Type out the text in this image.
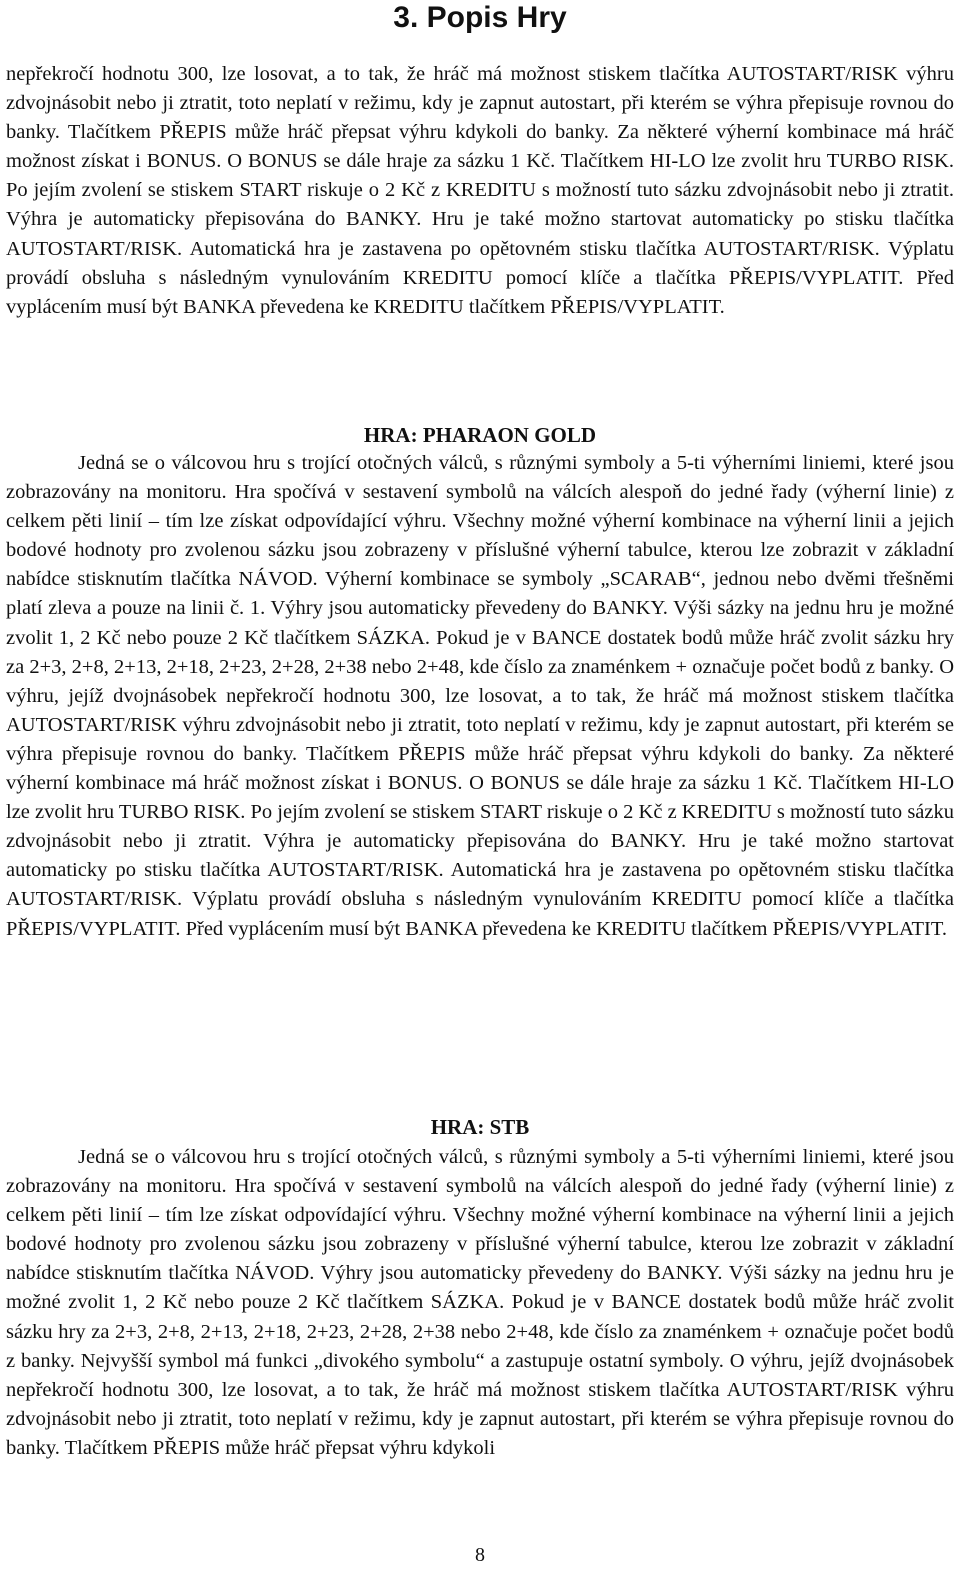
3. Popis Hry

nepřekročí hodnotu 300, lze losovat, a to tak, že hráč má možnost stiskem tlačítka AUTOSTART/RISK výhru zdvojnásobit nebo ji ztratit, toto neplatí v režimu, kdy je zapnut autostart, při kterém se výhra přepisuje rovnou do banky. Tlačítkem PŘEPIS může hráč přepsat výhru kdykoli do banky. Za některé výherní kombinace má hráč možnost získat i BONUS. O BONUS se dále hraje za sázku 1 Kč. Tlačítkem HI-LO lze zvolit hru TURBO RISK. Po jejím zvolení se stiskem START riskuje o 2 Kč z KREDITU s možností tuto sázku zdvojnásobit nebo ji ztratit. Výhra je automaticky přepisována do BANKY. Hru je také možno startovat automaticky po stisku tlačítka AUTOSTART/RISK. Automatická hra je zastavena po opětovném stisku tlačítka AUTOSTART/RISK. Výplatu provádí obsluha s následným vynulováním KREDITU pomocí klíče a tlačítka PŘEPIS/VYPLATIT. Před vyplácením musí být BANKA převedena ke KREDITU tlačítkem PŘEPIS/VYPLATIT.

HRA: PHARAON GOLD

Jedná se o válcovou hru s trojící otočných válců, s různými symboly a 5-ti výherními liniemi, které jsou zobrazovány na monitoru. Hra spočívá v sestavení symbolů na válcích alespoň do jedné řady (výherní linie) z celkem pěti linií – tím lze získat odpovídající výhru. Všechny možné výherní kombinace na výherní linii a jejich bodové hodnoty pro zvolenou sázku jsou zobrazeny v příslušné výherní tabulce, kterou lze zobrazit v základní nabídce stisknutím tlačítka NÁVOD. Výherní kombinace se symboly „SCARAB“, jednou nebo dvěmi třešněmi platí zleva a pouze na linii č. 1. Výhry jsou automaticky převedeny do BANKY. Výši sázky na jednu hru je možné zvolit 1, 2 Kč nebo pouze 2 Kč tlačítkem SÁZKA. Pokud je v BANCE dostatek bodů může hráč zvolit sázku hry za 2+3, 2+8, 2+13, 2+18, 2+23, 2+28, 2+38 nebo 2+48, kde číslo za znaménkem + označuje počet bodů z banky. O výhru, jejíž dvojnásobek nepřekročí hodnotu 300, lze losovat, a to tak, že hráč má možnost stiskem tlačítka AUTOSTART/RISK výhru zdvojnásobit nebo ji ztratit, toto neplatí v režimu, kdy je zapnut autostart, při kterém se výhra přepisuje rovnou do banky. Tlačítkem PŘEPIS může hráč přepsat výhru kdykoli do banky. Za některé výherní kombinace má hráč možnost získat i BONUS. O BONUS se dále hraje za sázku 1 Kč. Tlačítkem HI-LO lze zvolit hru TURBO RISK. Po jejím zvolení se stiskem START riskuje o 2 Kč z KREDITU s možností tuto sázku zdvojnásobit nebo ji ztratit. Výhra je automaticky přepisována do BANKY. Hru je také možno startovat automaticky po stisku tlačítka AUTOSTART/RISK. Automatická hra je zastavena po opětovném stisku tlačítka AUTOSTART/RISK. Výplatu provádí obsluha s následným vynulováním KREDITU pomocí klíče a tlačítka PŘEPIS/VYPLATIT. Před vyplácením musí být BANKA převedena ke KREDITU tlačítkem PŘEPIS/VYPLATIT.

HRA: STB

Jedná se o válcovou hru s trojící otočných válců, s různými symboly a 5-ti výherními liniemi, které jsou zobrazovány na monitoru. Hra spočívá v sestavení symbolů na válcích alespoň do jedné řady (výherní linie) z celkem pěti linií – tím lze získat odpovídající výhru. Všechny možné výherní kombinace na výherní linii a jejich bodové hodnoty pro zvolenou sázku jsou zobrazeny v příslušné výherní tabulce, kterou lze zobrazit v základní nabídce stisknutím tlačítka NÁVOD. Výhry jsou automaticky převedeny do BANKY. Výši sázky na jednu hru je možné zvolit 1, 2 Kč nebo pouze 2 Kč tlačítkem SÁZKA. Pokud je v BANCE dostatek bodů může hráč zvolit sázku hry za 2+3, 2+8, 2+13, 2+18, 2+23, 2+28, 2+38 nebo 2+48, kde číslo za znaménkem + označuje počet bodů z banky. Nejvyšší symbol má funkci „divokého symbolu“ a zastupuje ostatní symboly. O výhru, jejíž dvojnásobek nepřekročí hodnotu 300, lze losovat, a to tak, že hráč má možnost stiskem tlačítka AUTOSTART/RISK výhru zdvojnásobit nebo ji ztratit, toto neplatí v režimu, kdy je zapnut autostart, při kterém se výhra přepisuje rovnou do banky. Tlačítkem PŘEPIS může hráč přepsat výhru kdykoli

8
